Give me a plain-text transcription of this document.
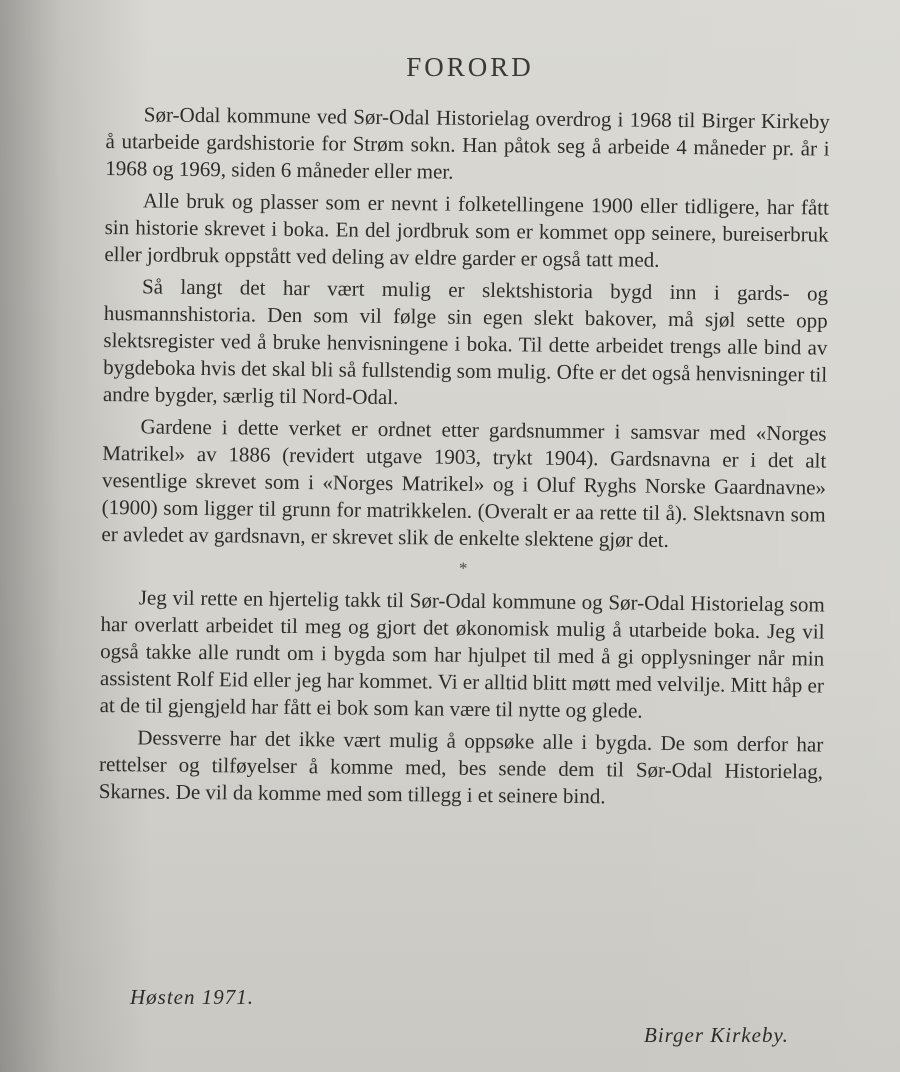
FORORD

Sør-Odal kommune ved Sør-Odal Historielag overdrog i 1968 til Birger Kirkeby å utarbeide gardshistorie for Strøm sokn. Han påtok seg å arbeide 4 måneder pr. år i 1968 og 1969, siden 6 måneder eller mer.

Alle bruk og plasser som er nevnt i folketellingene 1900 eller tidligere, har fått sin historie skrevet i boka. En del jordbruk som er kommet opp seinere, bureiserbruk eller jordbruk oppstått ved deling av eldre garder er også tatt med.

Så langt det har vært mulig er slektshistoria bygd inn i gards- og husmannshistoria. Den som vil følge sin egen slekt bakover, må sjøl sette opp slektsregister ved å bruke henvisningene i boka. Til dette arbeidet trengs alle bind av bygdeboka hvis det skal bli så fullstendig som mulig. Ofte er det også henvisninger til andre bygder, særlig til Nord-Odal.

Gardene i dette verket er ordnet etter gardsnummer i samsvar med «Norges Matrikel» av 1886 (revidert utgave 1903, trykt 1904). Gardsnavna er i det alt vesentlige skrevet som i «Norges Matrikel» og i Oluf Ryghs Norske Gaardnavne» (1900) som ligger til grunn for matrikkelen. (Overalt er aa rette til å). Slektsnavn som er avledet av gardsnavn, er skrevet slik de enkelte slektene gjør det.

*

Jeg vil rette en hjertelig takk til Sør-Odal kommune og Sør-Odal Historielag som har overlatt arbeidet til meg og gjort det økonomisk mulig å utarbeide boka. Jeg vil også takke alle rundt om i bygda som har hjulpet til med å gi opplysninger når min assistent Rolf Eid eller jeg har kommet. Vi er alltid blitt møtt med velvilje. Mitt håp er at de til gjengjeld har fått ei bok som kan være til nytte og glede.

Dessverre har det ikke vært mulig å oppsøke alle i bygda. De som derfor har rettelser og tilføyelser å komme med, bes sende dem til Sør-Odal Historielag, Skarnes. De vil da komme med som tillegg i et seinere bind.

Høsten 1971.
Birger Kirkeby.
